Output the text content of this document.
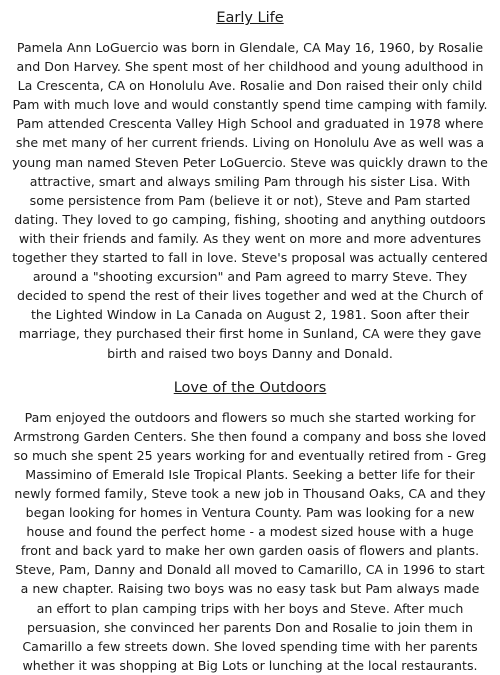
Early Life

Pamela Ann LoGuercio was born in Glendale, CA May 16, 1960, by Rosalie and Don Harvey. She spent most of her childhood and young adulthood in La Crescenta, CA on Honolulu Ave. Rosalie and Don raised their only child Pam with much love and would constantly spend time camping with family. Pam attended Crescenta Valley High School and graduated in 1978 where she met many of her current friends. Living on Honolulu Ave as well was a young man named Steven Peter LoGuercio. Steve was quickly drawn to the attractive, smart and always smiling Pam through his sister Lisa. With some persistence from Pam (believe it or not), Steve and Pam started dating. They loved to go camping, fishing, shooting and anything outdoors with their friends and family. As they went on more and more adventures together they started to fall in love. Steve's proposal was actually centered around a "shooting excursion" and Pam agreed to marry Steve. They decided to spend the rest of their lives together and wed at the Church of the Lighted Window in La Canada on August 2, 1981. Soon after their marriage, they purchased their first home in Sunland, CA were they gave birth and raised two boys Danny and Donald.

Love of the Outdoors

Pam enjoyed the outdoors and flowers so much she started working for Armstrong Garden Centers. She then found a company and boss she loved so much she spent 25 years working for and eventually retired from - Greg Massimino of Emerald Isle Tropical Plants. Seeking a better life for their newly formed family, Steve took a new job in Thousand Oaks, CA and they began looking for homes in Ventura County. Pam was looking for a new house and found the perfect home - a modest sized house with a huge front and back yard to make her own garden oasis of flowers and plants. Steve, Pam, Danny and Donald all moved to Camarillo, CA in 1996 to start a new chapter. Raising two boys was no easy task but Pam always made an effort to plan camping trips with her boys and Steve. After much persuasion, she convinced her parents Don and Rosalie to join them in Camarillo a few streets down. She loved spending time with her parents whether it was shopping at Big Lots or lunching at the local restaurants.
